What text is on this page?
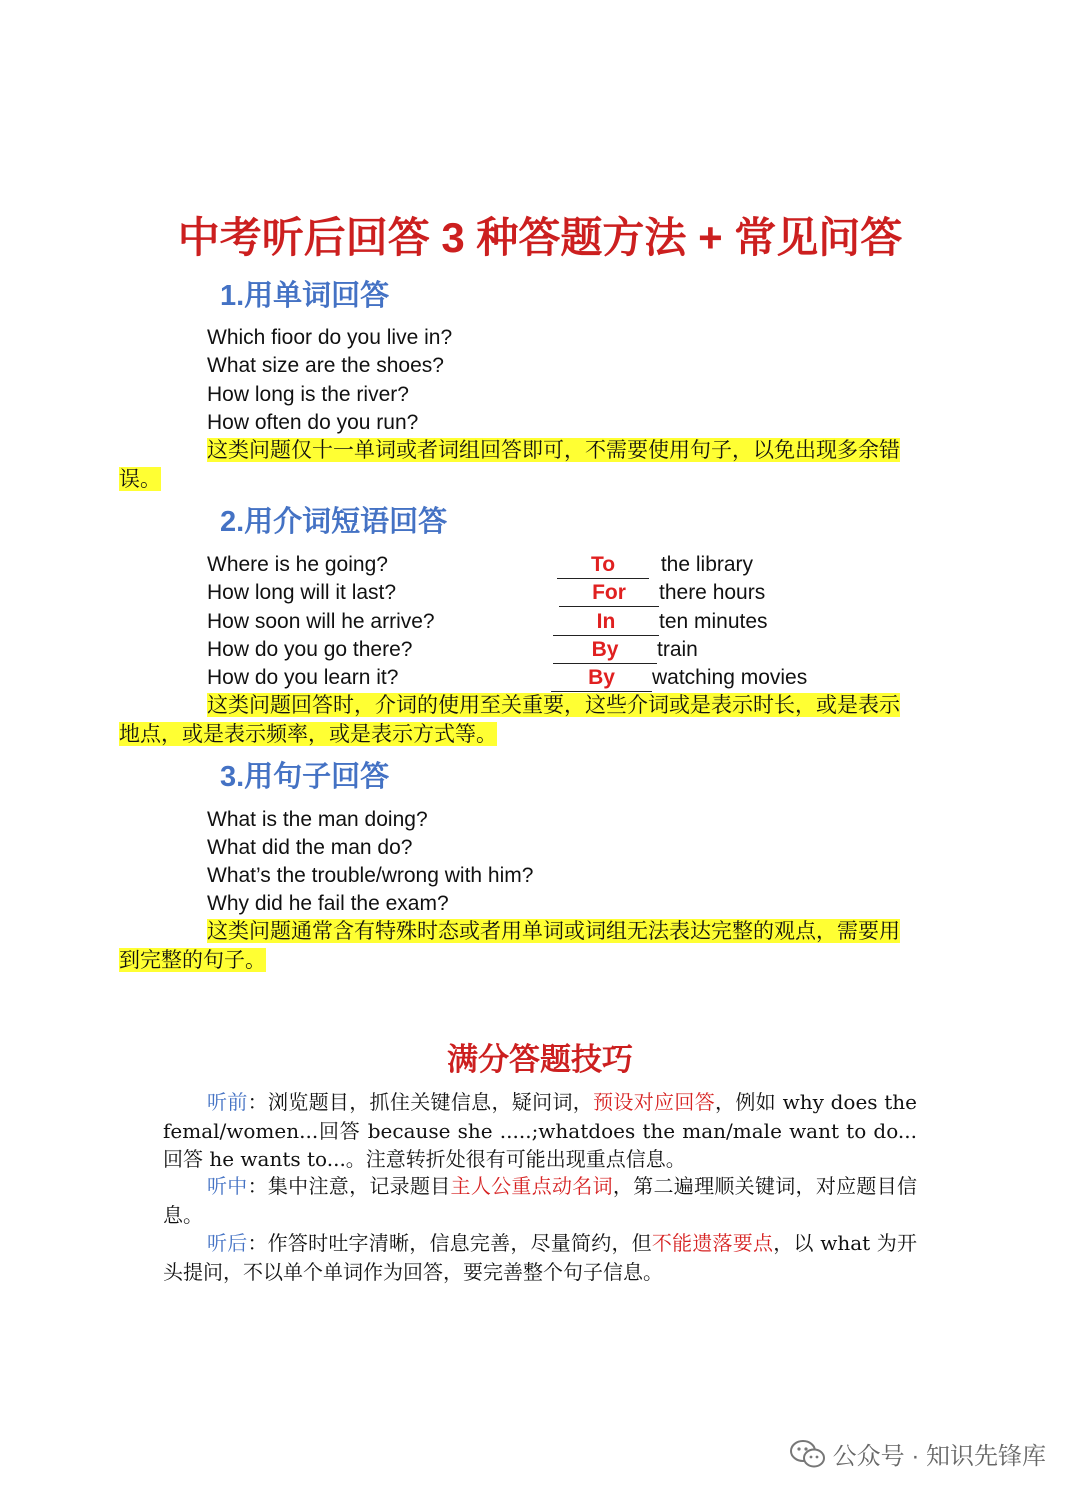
中考听后回答 3 种答题方法 + 常见问答
1.用单词回答
Which fioor do you live in?
What size are the shoes?
How long is the river?
How often do you run?
这类问题仅十一单词或者词组回答即可，不需要使用句子，以免出现多余错
误。
2.用介词短语回答
Where is he going?	To the library
How long will it last?	For there hours
How soon will he arrive?	In ten minutes
How do you go there?	By train
How do you learn it?	By watching movies
这类问题回答时，介词的使用至关重要，这些介词或是表示时长，或是表示
地点，或是表示频率，或是表示方式等。
3.用句子回答
What is the man doing?
What did the man do?
What’s the trouble/wrong with him?
Why did he fail the exam?
这类问题通常含有特殊时态或者用单词或词组无法表达完整的观点，需要用
到完整的句子。
满分答题技巧
听前：浏览题目，抓住关键信息，疑问词，预设对应回答，例如 why does the femal/women...回答 because she .....;whatdoes the man/male want to do...回答 he wants to...。注意转折处很有可能出现重点信息。
听中：集中注意，记录题目主人公重点动名词，第二遍理顺关键词，对应题目信息。
听后：作答时吐字清晰，信息完善，尽量简约，但不能遗落要点，以 what 为开头提问，不以单个单词作为回答，要完善整个句子信息。
公众号 · 知识先锋库
